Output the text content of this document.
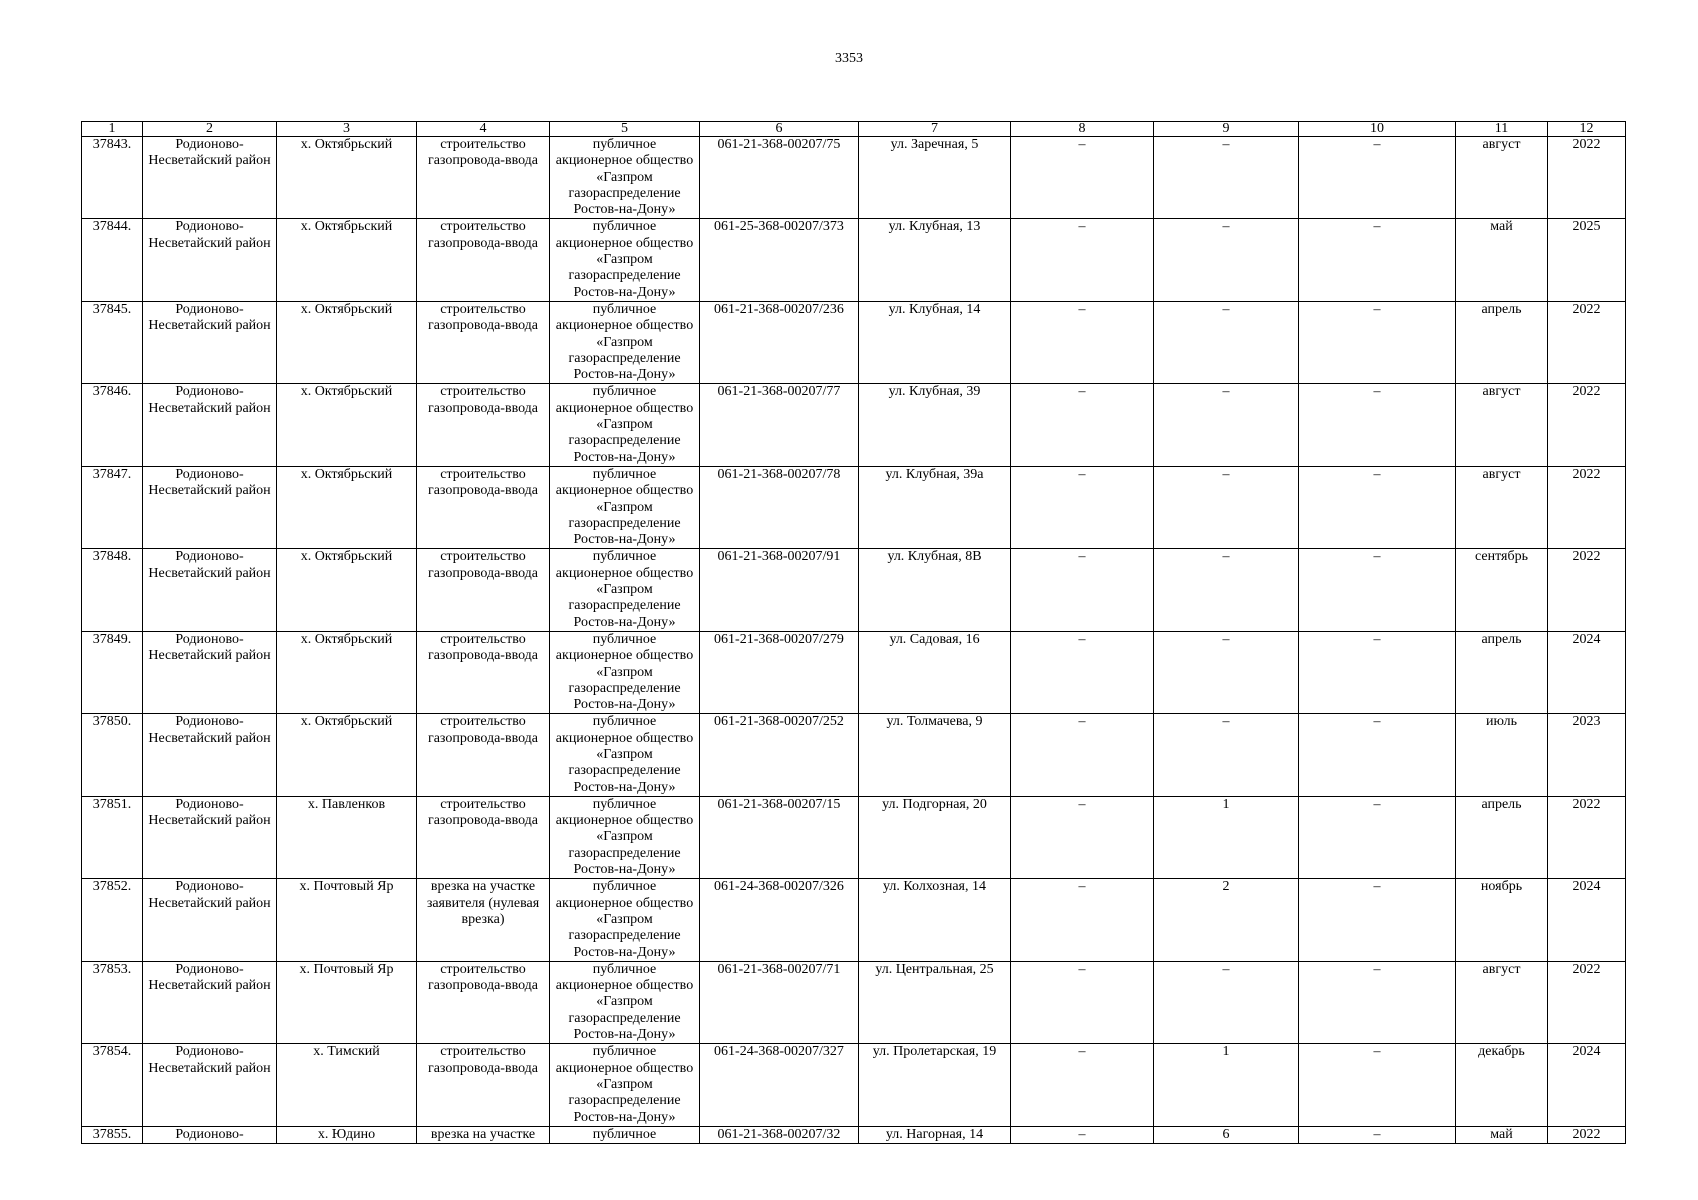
3353
1	2	3	4	5	6	7	8	9	10	11	12
37843.	Родионово-Несветайский район	х. Октябрьский	строительство газопровода-ввода	публичное акционерное общество «Газпром газораспределение Ростов-на-Дону»	061-21-368-00207/75	ул. Заречная, 5	–	–	–	август	2022
37844.	Родионово-Несветайский район	х. Октябрьский	строительство газопровода-ввода	публичное акционерное общество «Газпром газораспределение Ростов-на-Дону»	061-25-368-00207/373	ул. Клубная, 13	–	–	–	май	2025
37845.	Родионово-Несветайский район	х. Октябрьский	строительство газопровода-ввода	публичное акционерное общество «Газпром газораспределение Ростов-на-Дону»	061-21-368-00207/236	ул. Клубная, 14	–	–	–	апрель	2022
37846.	Родионово-Несветайский район	х. Октябрьский	строительство газопровода-ввода	публичное акционерное общество «Газпром газораспределение Ростов-на-Дону»	061-21-368-00207/77	ул. Клубная, 39	–	–	–	август	2022
37847.	Родионово-Несветайский район	х. Октябрьский	строительство газопровода-ввода	публичное акционерное общество «Газпром газораспределение Ростов-на-Дону»	061-21-368-00207/78	ул. Клубная, 39а	–	–	–	август	2022
37848.	Родионово-Несветайский район	х. Октябрьский	строительство газопровода-ввода	публичное акционерное общество «Газпром газораспределение Ростов-на-Дону»	061-21-368-00207/91	ул. Клубная, 8В	–	–	–	сентябрь	2022
37849.	Родионово-Несветайский район	х. Октябрьский	строительство газопровода-ввода	публичное акционерное общество «Газпром газораспределение Ростов-на-Дону»	061-21-368-00207/279	ул. Садовая, 16	–	–	–	апрель	2024
37850.	Родионово-Несветайский район	х. Октябрьский	строительство газопровода-ввода	публичное акционерное общество «Газпром газораспределение Ростов-на-Дону»	061-21-368-00207/252	ул. Толмачева, 9	–	–	–	июль	2023
37851.	Родионово-Несветайский район	х. Павленков	строительство газопровода-ввода	публичное акционерное общество «Газпром газораспределение Ростов-на-Дону»	061-21-368-00207/15	ул. Подгорная, 20	–	1	–	апрель	2022
37852.	Родионово-Несветайский район	х. Почтовый Яр	врезка на участке заявителя (нулевая врезка)	публичное акционерное общество «Газпром газораспределение Ростов-на-Дону»	061-24-368-00207/326	ул. Колхозная, 14	–	2	–	ноябрь	2024
37853.	Родионово-Несветайский район	х. Почтовый Яр	строительство газопровода-ввода	публичное акционерное общество «Газпром газораспределение Ростов-на-Дону»	061-21-368-00207/71	ул. Центральная, 25	–	–	–	август	2022
37854.	Родионово-Несветайский район	х. Тимский	строительство газопровода-ввода	публичное акционерное общество «Газпром газораспределение Ростов-на-Дону»	061-24-368-00207/327	ул. Пролетарская, 19	–	1	–	декабрь	2024
37855.	Родионово-	х. Юдино	врезка на участке	публичное	061-21-368-00207/32	ул. Нагорная, 14	–	6	–	май	2022
